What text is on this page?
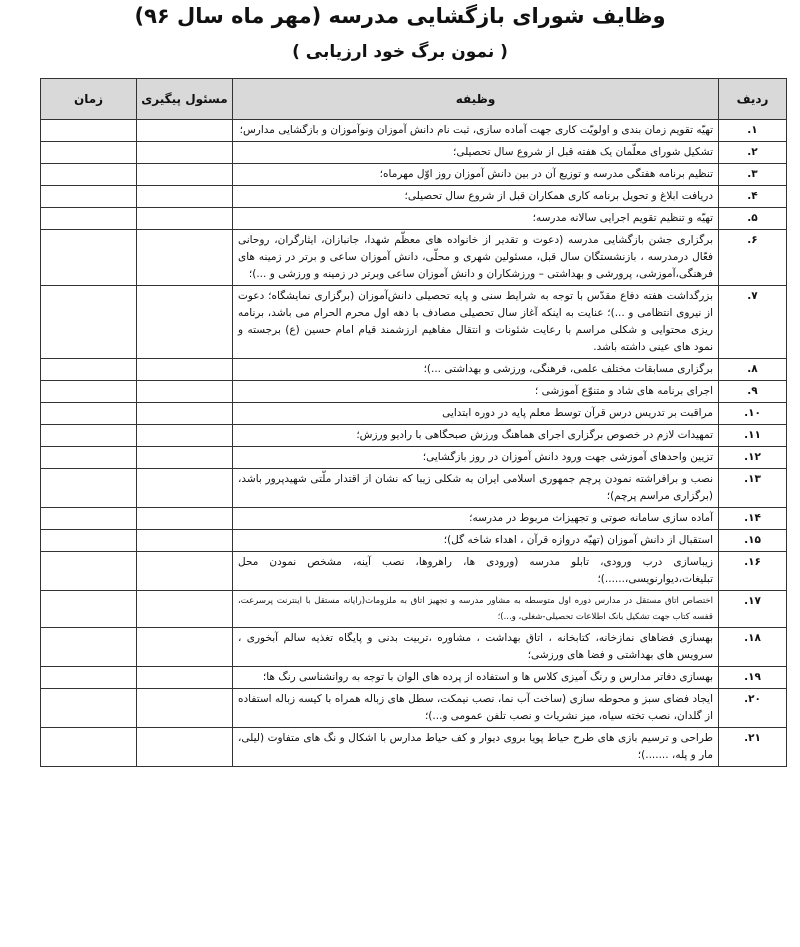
وظایف شورای بازگشایی مدرسه (مهر ماه سال ۹۶)
( نمون برگ خود ارزیابی )
ردیف	وظیفه	مسئول پیگیری	زمان
۱.	تهیّه تقویم زمان بندی و اولویّت کاری جهت آماده سازی، ثبت نام دانش آموزان ونوآموزان و بازگشایی مدارس؛		
۲.	تشکیل شورای معلّمان یک هفته قبل از شروع سال تحصیلی؛		
۳.	تنظیم برنامه هفتگی مدرسه و توزیع آن در بین دانش آموزان روز اوّل مهرماه؛		
۴.	دریافت ابلاغ و تحویل برنامه کاری همکاران قبل از شروع سال تحصیلی؛		
۵.	تهیّه و تنظیم تقویم اجرایی سالانه مدرسه؛		
۶.	برگزاری جشن بازگشایی مدرسه (دعوت و تقدیر از خانواده های معظّم شهدا، جانبازان، ایثارگران، روحانی فعّال درمدرسه ، بازنشستگان سال قبل، مسئولین شهری و محلّی، دانش آموزان ساعی و برتر در زمینه های فرهنگی،آموزشی، پرورشی و بهداشتی – ورزشکاران و دانش آموزان ساعی وبرتر در زمینه و ورزشی و ...)؛		
۷.	بزرگداشت هفته دفاع مقدّس با توجه به شرایط سنی و پایه تحصیلی دانش‌آموزان (برگزاری نمایشگاه؛ دعوت از نیروی انتظامی و ...)؛ عنایت به اینکه آغاز سال تحصیلی مصادف با دهه اول محرم الحرام می باشد، برنامه ریزی محتوایی و شکلی مراسم با رعایت شئونات و انتقال مفاهیم ارزشمند قیام امام حسین (ع) برجسته و نمود های عینی داشته باشد.		
۸.	برگزاری مسابقات مختلف علمی، فرهنگی، ورزشی و بهداشتی ...)؛		
۹.	اجرای برنامه های شاد و متنوّع آموزشی ؛		
۱۰.	مراقبت بر تدریس درس قرآن توسط معلم پایه در دوره ابتدایی		
۱۱.	تمهیدات لازم در خصوص برگزاری اجرای هماهنگ ورزش صبحگاهی با رادیو ورزش؛		
۱۲.	تزیین واحدهای آموزشی جهت ورود دانش آموزان در روز بازگشایی؛		
۱۳.	نصب و برافراشته نمودن پرچم جمهوری اسلامی ایران به شکلی زیبا که نشان از اقتدار ملّتی شهیدپرور باشد، (برگزاری مراسم پرچم)؛		
۱۴.	آماده سازی سامانه صوتی و تجهیزات مربوط در مدرسه؛		
۱۵.	استقبال از دانش آموزان (تهیّه دروازه قرآن ، اهداء شاخه گل)؛		
۱۶.	زیباسازی درب ورودی، تابلو مدرسه (ورودی ها، راهروها، نصب آینه، مشخص نمودن محل تبلیغات،دیوارنویسی،......)؛		
۱۷.	اختصاص اتاق مستقل در مدارس دوره اول متوسطه به مشاور مدرسه و تجهیز اتاق به ملزومات(رایانه مستقل با اینترنت پرسرعت، قفسه کتاب جهت تشکیل بانک اطلاعات تحصیلی-شغلی، و...)؛		
۱۸.	بهسازی فضاهای نمازخانه، کتابخانه ، اتاق بهداشت ، مشاوره ،تربیت بدنی و پایگاه تغذیه سالم آبخوری ، سرویس های بهداشتی و فضا های ورزشی؛		
۱۹.	بهسازی دفاتر مدارس و رنگ آمیزی کلاس ها و استفاده از پرده های الوان با توجه به روانشناسی رنگ ها؛		
۲۰.	ایجاد فضای سبز و محوطه سازی (ساخت آب نما، نصب نیمکت، سطل های زباله همراه با کیسه زباله استفاده از گلدان، نصب تخته سیاه، میز نشریات و نصب تلفن عمومی و...)؛		
۲۱.	طراحی و ترسیم بازی های طرح حیاط پویا بروی دیوار و کف حیاط مدارس با اشکال و نگ های متفاوت (لیلی، مار و پله، .......)؛		
